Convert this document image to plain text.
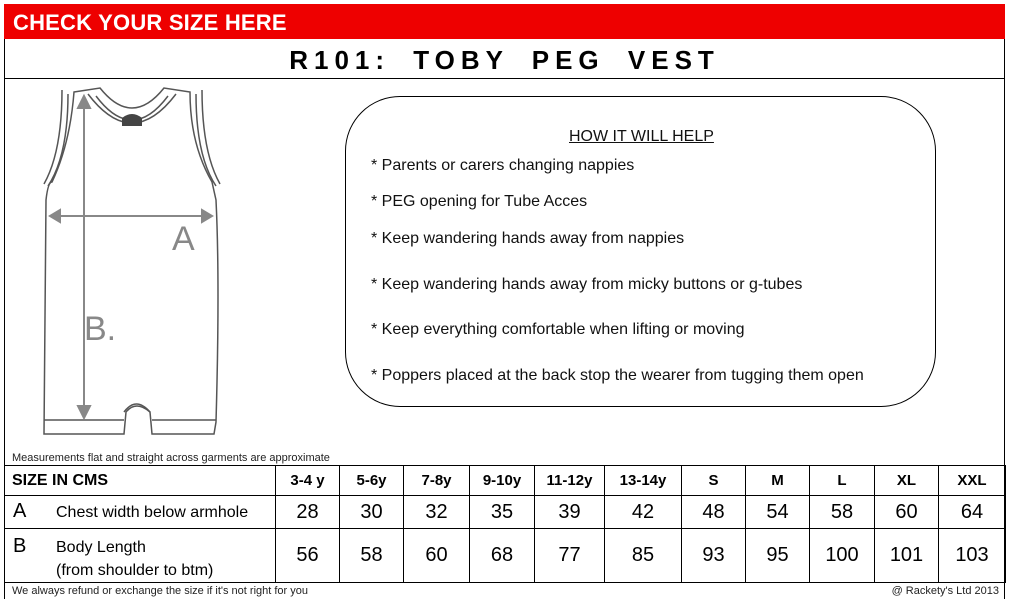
CHECK YOUR SIZE HERE
R101: TOBY PEG VEST
A
B.
Measurements flat and straight across garments are approximate
HOW IT WILL HELP
* Parents or carers changing nappies
* PEG opening for Tube Acces
* Keep wandering hands away from nappies
* Keep wandering hands away from micky buttons or g-tubes
* Keep everything comfortable when lifting or moving
* Poppers placed at the back stop the wearer from tugging them open
SIZE IN CMS	3-4 y	5-6y	7-8y	9-10y	11-12y	13-14y	S	M	L	XL	XXL

A Chest width below armhole	28	30	32	35	39	42	48	54	58	60	64

B Body Length
(from shoulder to btm)	56	58	60	68	77	85	93	95	100	101	103
We always refund or exchange the size if it's not right for you	@ Rackety's Ltd 2013
